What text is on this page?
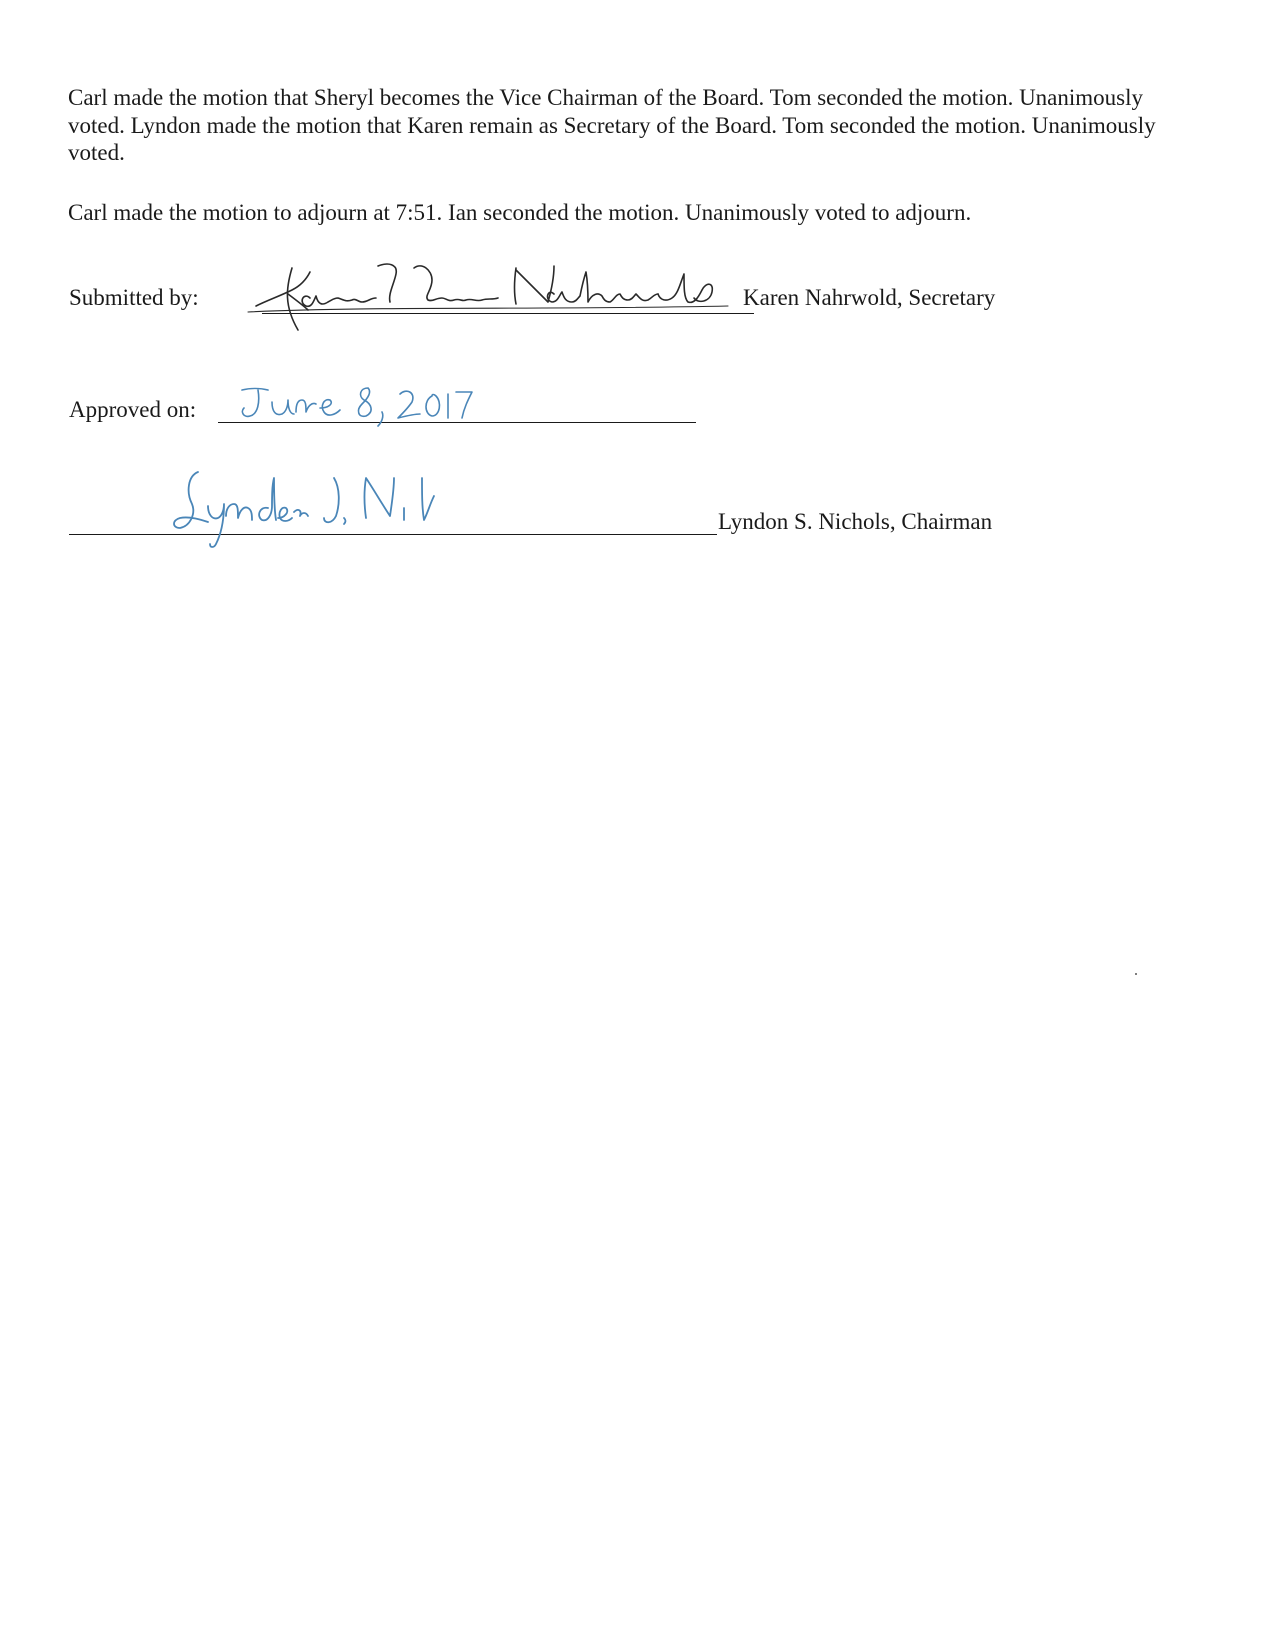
Carl made the motion that Sheryl becomes the Vice Chairman of the Board. Tom seconded the motion. Unanimously voted. Lyndon made the motion that Karen remain as Secretary of the Board. Tom seconded the motion. Unanimously voted.

Carl made the motion to adjourn at 7:51. Ian seconded the motion. Unanimously voted to adjourn.

Submitted by:	Karen Nahrwold, Secretary
Approved on:
Lyndon S. Nichols, Chairman
